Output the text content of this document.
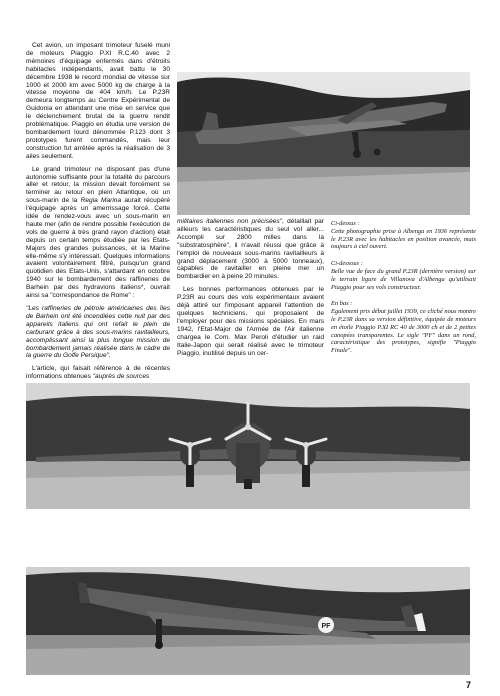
Cet avion, un imposant trimoteur fuselé muni de moteurs Piaggio P.XI R.C.40 avec 2 mémoires d'équipage enfermés dans d'étroits habitacles indépendants, avait battu le 30 décembre 1938 le record mondial de vitesse sur 1000 et 2000 km avec 5000 kg de charge à la vitesse moyenne de 404 km/h. Le P.23R demeura longtemps au Centre Expérimental de Guidonia en attendant une mise en service que le déclenchement brutal de la guerre rendit problématique. Piaggio en étudia une version de bombardement lourd dénommée P.123 dont 3 prototypes furent commandés, mais leur construction fut arrêtée après la réalisation de 3 ailes seulement.

Le grand trimoteur ne disposant pas d'une autonomie suffisante pour la totalité du parcours aller et retour, la mission devait forcément se terminer au retour en plein Atlantique, où un sous-marin de la Regia Marina aurait récupéré l'équipage après un amerrissage forcé. Cette idée de rendez-vous avec un sous-marin en haute mer (afin de rendre possible l'exécution de vols de guerre à très grand rayon d'action) était depuis un certain temps étudiée par les Etats-Majors des grandes puissances, et la Marine elle-même s'y intéressait. Quelques informations avaient volontairement filtré, puisqu'un grand quotidien des Etats-Unis, s'attardant en octobre 1940 sur le bombardement des raffineries de Barhein par des hydravions italiens*, ouvrait ainsi sa "correspondance de Rome" :

"Les raffineries de pétrole américaines des îles de Barhein ont été incendiées cette nuit par des appareils italiens qui ont refait le plein de carburant grâce à des sous-marins ravitailleurs, accomplissant ainsi la plus longue mission de bombardement jamais réalisée dans le cadre de la guerre du Golfe Persique".

L'article, qui faisait référence à de récentes informations obtenues "auprès de sources

militaires italiennes non précisées", détaillait par ailleurs les caractéristiques du seul vol aller... Accompli sur 2800 milles dans la "substratosphère", il n'avait réussi que grâce à l'emploi de nouveaux sous-marins ravitailleurs à grand déplacement (3000 à 5000 tonneaux), capables de ravitailler en pleine mer un bombardier en à peine 20 minutes.

Les bonnes performances obtenues par le P.23R au cours des vols expérimentaux avaient déjà attiré sur l'imposant appareil l'attention de quelques techniciens, qui proposaient de l'employer pour des missions spéciales. En mars 1942, l'Etat-Major de l'Armée de l'Air italienne chargea le Com. Max Peroli d'étudier un raid Italie-Japon qui serait réalisé avec le trimoteur Piaggio, inutilisé depuis un cer-

Ci-dessus :
Cette photographie prise à Albenga en 1936 représente le P.23R avec les habitacles en position avancée, mais toujours à ciel ouvert.
Ci-dessous :
Belle vue de face du grand P.23R (dernière version) sur le terrain ligure de Villanova d'Albenga qu'utilisait Piaggio pour ses vols constructeur.
En bas :
Egalement pris début juillet 1939, ce cliché nous montre le P.23R dans sa version définitive, équipée de moteurs en étoile Piaggio P.XI RC 40 de 3000 ch et de 2 petites canopées transparentes. Le sigle "PF" dans un rond, caractéristique des prototypes, signifie "Piaggio Finale".
PF
7
